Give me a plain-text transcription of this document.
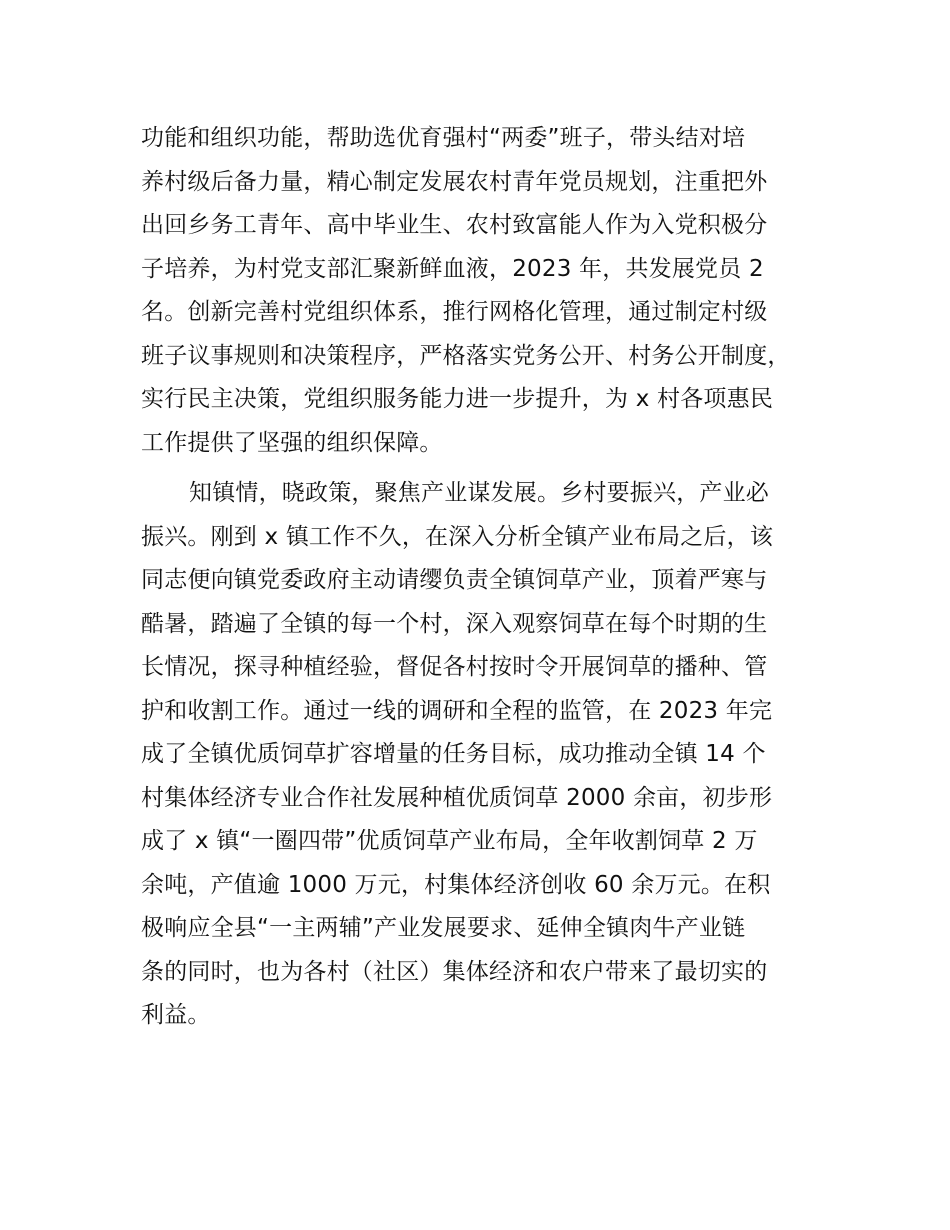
功能和组织功能，帮助选优育强村“两委”班子，带头结对培
养村级后备力量，精心制定发展农村青年党员规划，注重把外
出回乡务工青年、高中毕业生、农村致富能人作为入党积极分
子培养，为村党支部汇聚新鲜血液，2023 年，共发展党员 2
名。创新完善村党组织体系，推行网格化管理，通过制定村级
班子议事规则和决策程序，严格落实党务公开、村务公开制度，
实行民主决策，党组织服务能力进一步提升，为 x 村各项惠民
工作提供了坚强的组织保障。
知镇情，晓政策，聚焦产业谋发展。乡村要振兴，产业必
振兴。刚到 x 镇工作不久，在深入分析全镇产业布局之后，该
同志便向镇党委政府主动请缨负责全镇饲草产业，顶着严寒与
酷暑，踏遍了全镇的每一个村，深入观察饲草在每个时期的生
长情况，探寻种植经验，督促各村按时令开展饲草的播种、管
护和收割工作。通过一线的调研和全程的监管，在 2023 年完
成了全镇优质饲草扩容增量的任务目标，成功推动全镇 14 个
村集体经济专业合作社发展种植优质饲草 2000 余亩，初步形
成了 x 镇“一圈四带”优质饲草产业布局，全年收割饲草 2 万
余吨，产值逾 1000 万元，村集体经济创收 60 余万元。在积
极响应全县“一主两辅”产业发展要求、延伸全镇肉牛产业链
条的同时，也为各村（社区）集体经济和农户带来了最切实的
利益。
